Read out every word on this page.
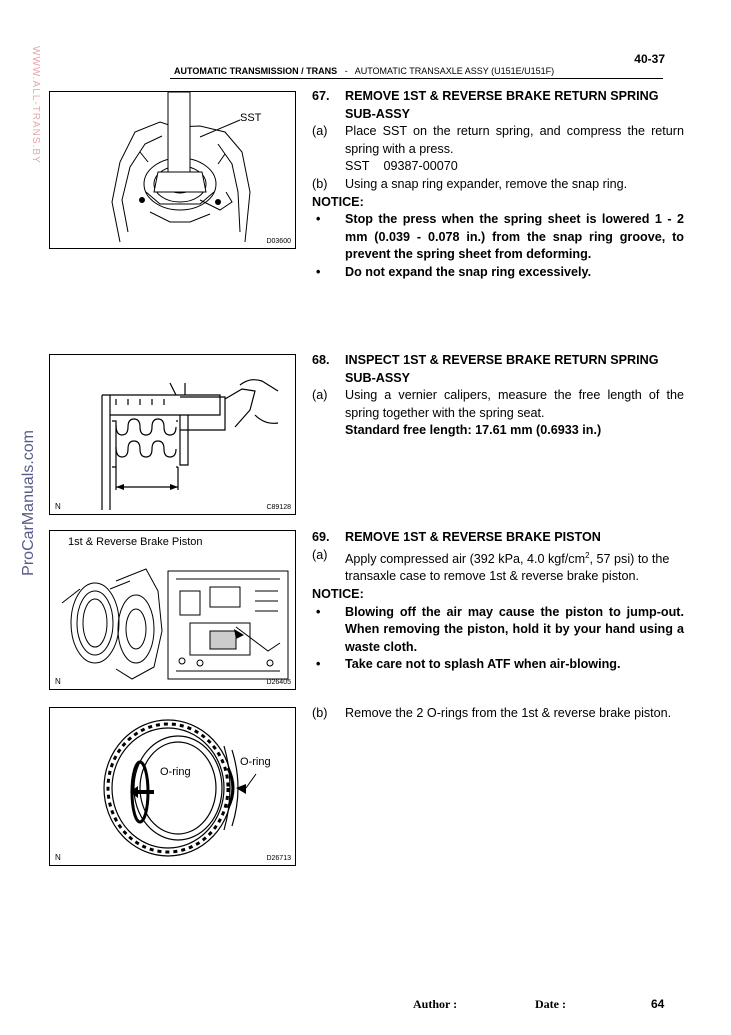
40-37
AUTOMATIC TRANSMISSION / TRANS - AUTOMATIC TRANSAXLE ASSY (U151E/U151F)
WWW.ALL-TRANS.BY
ProCarManuals.com
SST
D03600
N	C89128
1st & Reverse Brake Piston
N	D26405
O-ring
O-ring
N	D26713
67.	REMOVE 1ST & REVERSE BRAKE RETURN SPRING SUB-ASSY
(a)	Place SST on the return spring, and compress the return spring with a press.
SST 09387-00070
(b)	Using a snap ring expander, remove the snap ring.
NOTICE:
•	Stop the press when the spring sheet is lowered 1 - 2 mm (0.039 - 0.078 in.) from the snap ring groove, to prevent the spring sheet from deforming.
•	Do not expand the snap ring excessively.
68.	INSPECT 1ST & REVERSE BRAKE RETURN SPRING SUB-ASSY
(a)	Using a vernier calipers, measure the free length of the spring together with the spring seat.
Standard free length: 17.61 mm (0.6933 in.)
69.	REMOVE 1ST & REVERSE BRAKE PISTON
(a)	Apply compressed air (392 kPa, 4.0 kgf/$cm^2$, 57 psi) to the transaxle case to remove 1st & reverse brake piston.
NOTICE:
•	Blowing off the air may cause the piston to jump-out. When removing the piston, hold it by your hand using a waste cloth.
•	Take care not to splash ATF when air-blowing.
(b)	Remove the 2 O-rings from the 1st & reverse brake piston.
Author :	Date :	64
